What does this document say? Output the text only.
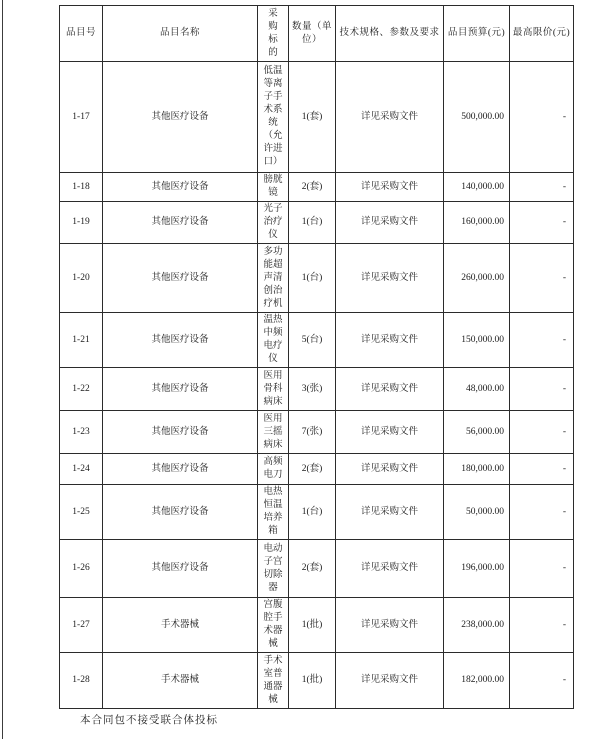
品目号	品目名称	采购标的	数量（单位）	技术规格、参数及要求	品目预算(元)	最高限价(元)
1-17	其他医疗设备	低温等离子手术系统（允许进口）	1(套)	详见采购文件	500,000.00	-
1-18	其他医疗设备	膀胱镜	2(套)	详见采购文件	140,000.00	-
1-19	其他医疗设备	光子治疗仪	1(台)	详见采购文件	160,000.00	-
1-20	其他医疗设备	多功能超声清创治疗机	1(台)	详见采购文件	260,000.00	-
1-21	其他医疗设备	温热中频电疗仪	5(台)	详见采购文件	150,000.00	-
1-22	其他医疗设备	医用骨科病床	3(张)	详见采购文件	48,000.00	-
1-23	其他医疗设备	医用三摇病床	7(张)	详见采购文件	56,000.00	-
1-24	其他医疗设备	高频电刀	2(套)	详见采购文件	180,000.00	-
1-25	其他医疗设备	电热恒温培养箱	1(台)	详见采购文件	50,000.00	-
1-26	其他医疗设备	电动子宫切除器	2(套)	详见采购文件	196,000.00	-
1-27	手术器械	宫腹腔手术器械	1(批)	详见采购文件	238,000.00	-
1-28	手术器械	手术室普通器械	1(批)	详见采购文件	182,000.00	-
本合同包不接受联合体投标
